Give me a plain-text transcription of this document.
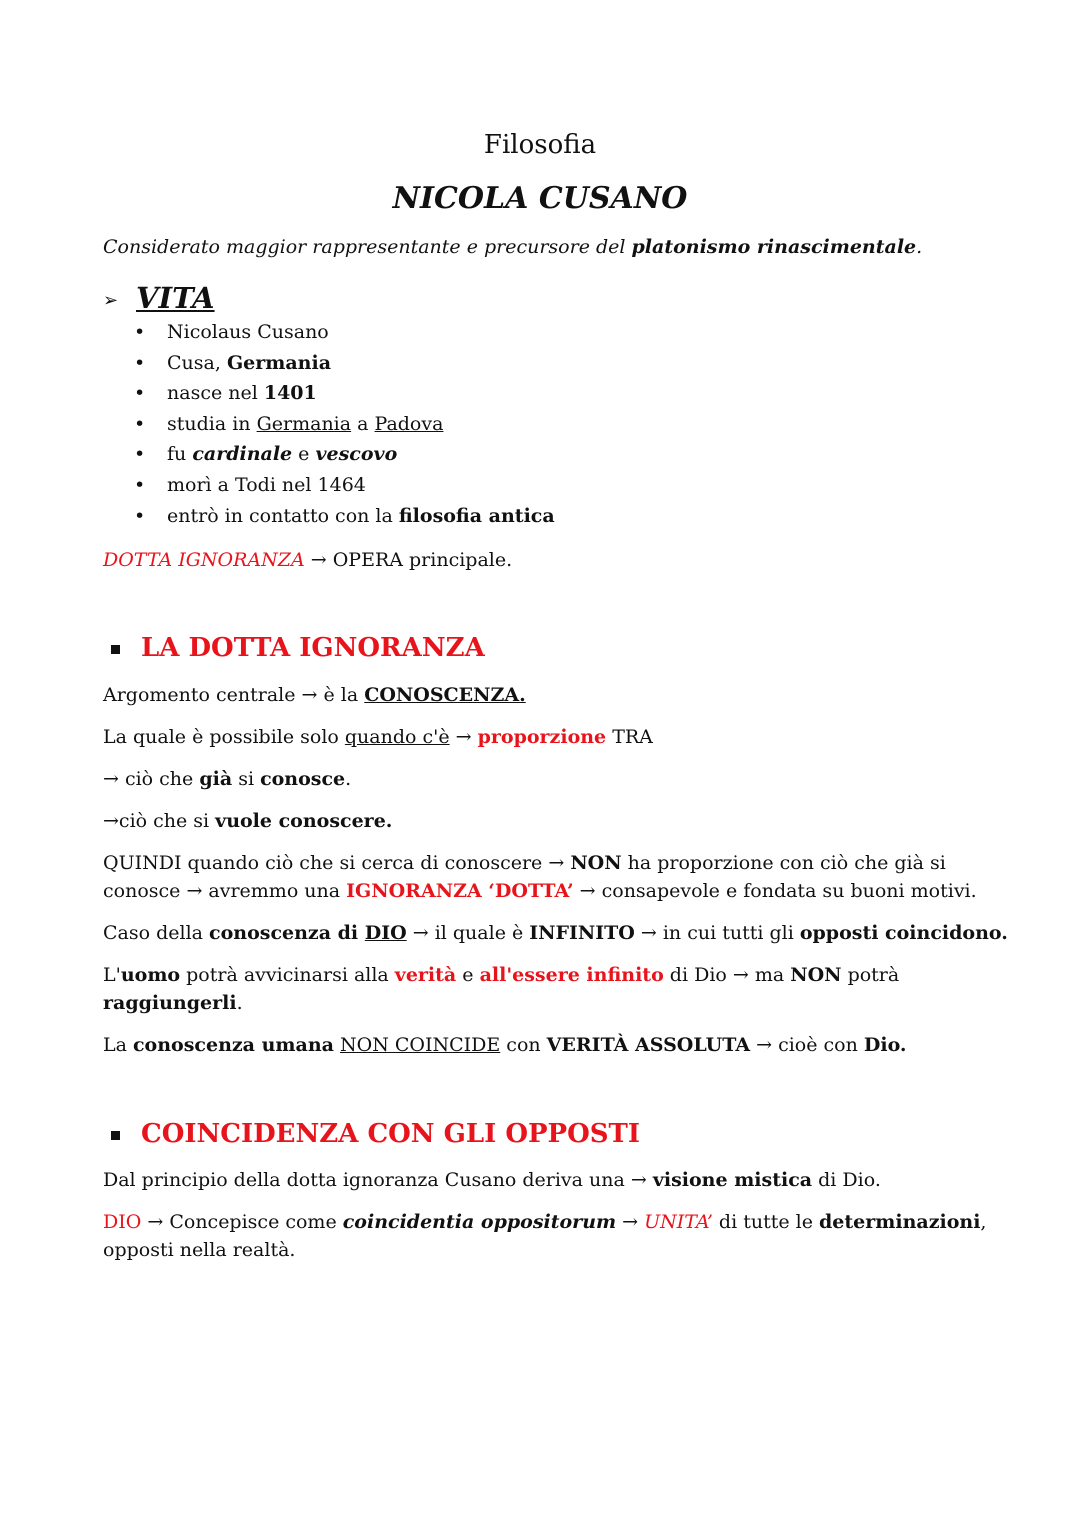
Filosofia
NICOLA CUSANO
Considerato maggior rappresentante e precursore del platonismo rinascimentale.
➢ VITA
• Nicolaus Cusano
• Cusa, Germania
• nasce nel 1401
• studia in Germania a Padova
• fu cardinale e vescovo
• morì a Todi nel 1464
• entrò in contatto con la filosofia antica
DOTTA IGNORANZA → OPERA principale.
LA DOTTA IGNORANZA
Argomento centrale → è la CONOSCENZA.
La quale è possibile solo quando c'è → proporzione TRA
→ ciò che già si conosce.
→ciò che si vuole conoscere.
QUINDI quando ciò che si cerca di conoscere → NON ha proporzione con ciò che già si
conosce → avremmo una IGNORANZA ‘DOTTA’ → consapevole e fondata su buoni motivi.
Caso della conoscenza di DIO → il quale è INFINITO → in cui tutti gli opposti coincidono.
L'uomo potrà avvicinarsi alla verità e all'essere infinito di Dio → ma NON potrà
raggiungerli.
La conoscenza umana NON COINCIDE con VERITÀ ASSOLUTA → cioè con Dio.
COINCIDENZA CON GLI OPPOSTI
Dal principio della dotta ignoranza Cusano deriva una → visione mistica di Dio.
DIO → Concepisce come coincidentia oppositorum → UNITA’ di tutte le determinazioni,
opposti nella realtà.
